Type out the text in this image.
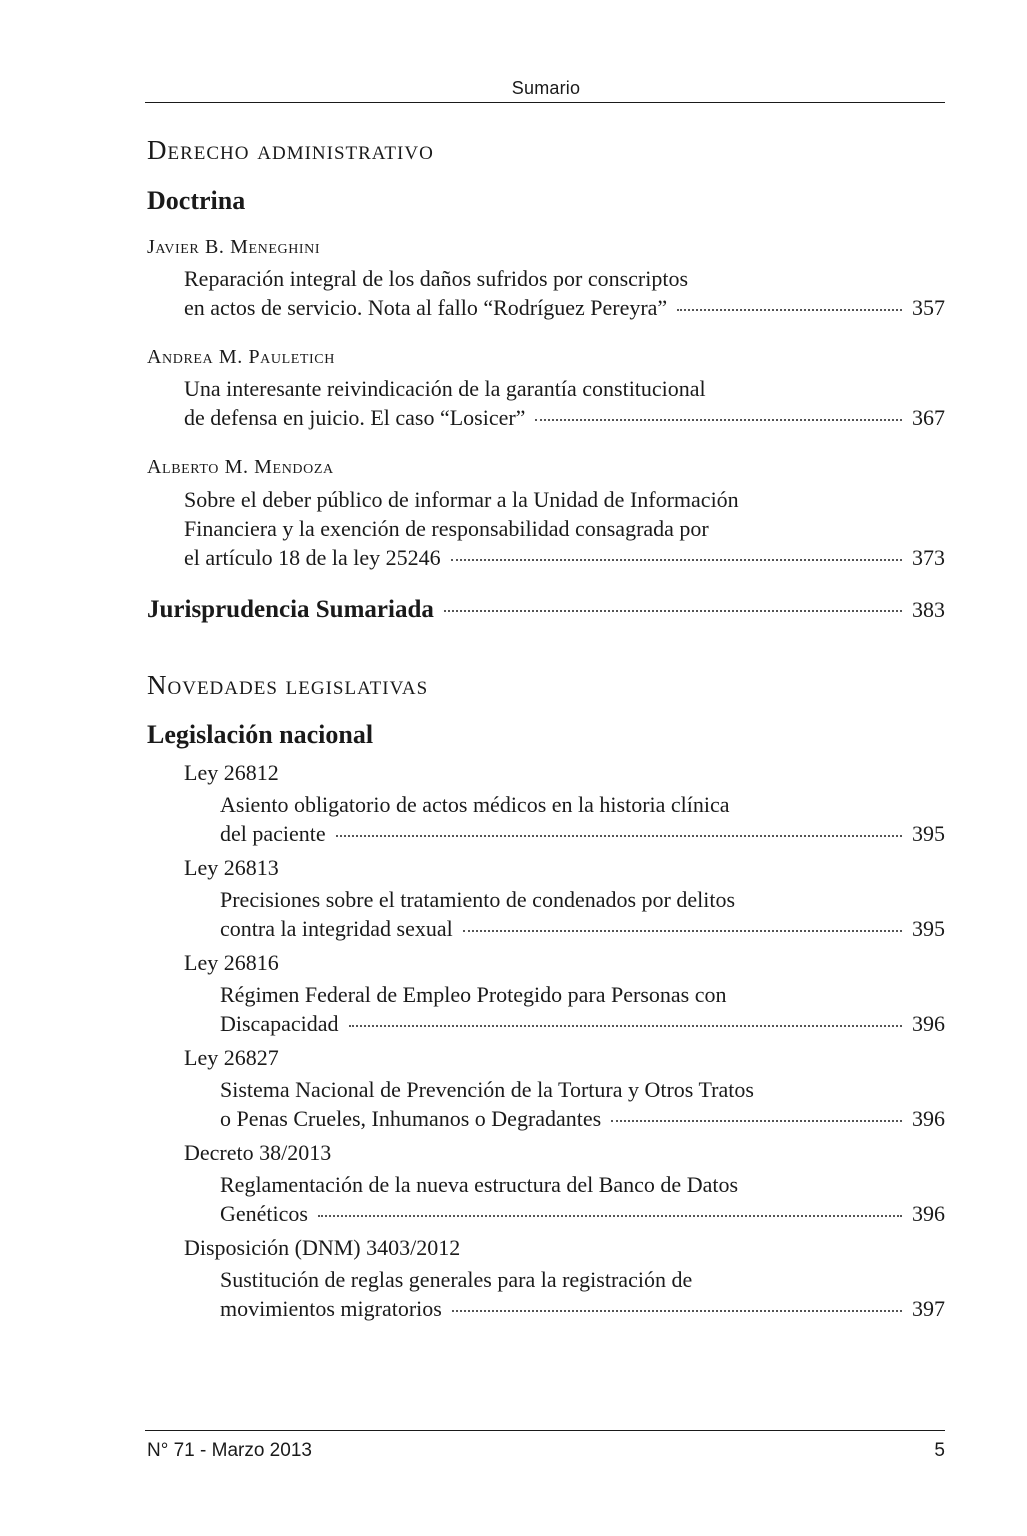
Sumario
Derecho administrativo
Doctrina
Javier B. Meneghini
Reparación integral de los daños sufridos por conscriptos
en actos de servicio. Nota al fallo “Rodríguez Pereyra”	357
Andrea M. Pauletich
Una interesante reivindicación de la garantía constitucional
de defensa en juicio. El caso “Losicer”	367
Alberto M. Mendoza
Sobre el deber público de informar a la Unidad de Información
Financiera y la exención de responsabilidad consagrada por
el artículo 18 de la ley 25246	373
Jurisprudencia Sumariada	383
Novedades legislativas
Legislación nacional
Ley 26812
Asiento obligatorio de actos médicos en la historia clínica
del paciente	395
Ley 26813
Precisiones sobre el tratamiento de condenados por delitos
contra la integridad sexual	395
Ley 26816
Régimen Federal de Empleo Protegido para Personas con
Discapacidad	396
Ley 26827
Sistema Nacional de Prevención de la Tortura y Otros Tratos
o Penas Crueles, Inhumanos o Degradantes	396
Decreto 38/2013
Reglamentación de la nueva estructura del Banco de Datos
Genéticos	396
Disposición (DNM) 3403/2012
Sustitución de reglas generales para la registración de
movimientos migratorios	397
N° 71 - Marzo 2013	5
